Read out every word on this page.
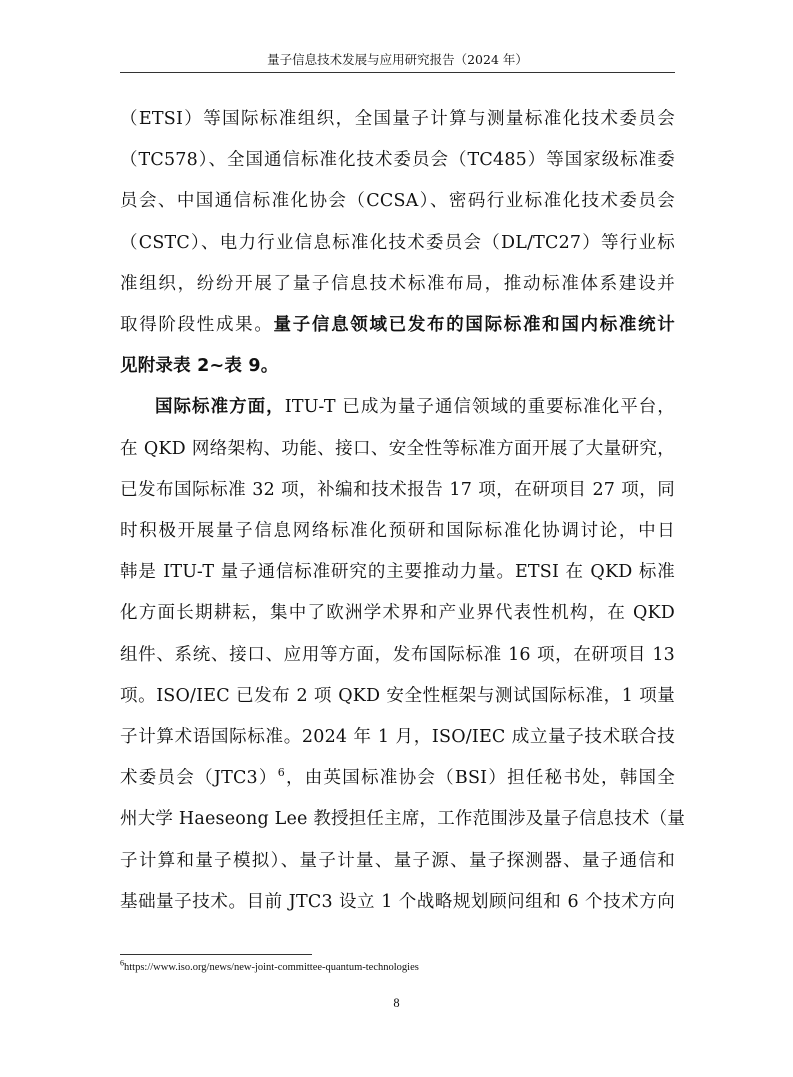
量子信息技术发展与应用研究报告（2024 年）

（ETSI）等国际标准组织，全国量子计算与测量标准化技术委员会
（TC578）、全国通信标准化技术委员会（TC485）等国家级标准委
员会、中国通信标准化协会（CCSA）、密码行业标准化技术委员会
（CSTC）、电力行业信息标准化技术委员会（DL/TC27）等行业标
准组织，纷纷开展了量子信息技术标准布局，推动标准体系建设并
取得阶段性成果。量子信息领域已发布的国际标准和国内标准统计
见附录表 2~表 9。

国际标准方面，ITU-T 已成为量子通信领域的重要标准化平台，
在 QKD 网络架构、功能、接口、安全性等标准方面开展了大量研究，
已发布国际标准 32 项，补编和技术报告 17 项，在研项目 27 项，同
时积极开展量子信息网络标准化预研和国际标准化协调讨论，中日
韩是 ITU-T 量子通信标准研究的主要推动力量。ETSI 在 QKD 标准
化方面长期耕耘，集中了欧洲学术界和产业界代表性机构，在 QKD
组件、系统、接口、应用等方面，发布国际标准 16 项，在研项目 13
项。ISO/IEC 已发布 2 项 QKD 安全性框架与测试国际标准，1 项量
子计算术语国际标准。2024 年 1 月，ISO/IEC 成立量子技术联合技
术委员会$(JTC3)^6$，由英国标准协会（BSI）担任秘书处，韩国全
州大学 Haeseong Lee 教授担任主席，工作范围涉及量子信息技术（量
子计算和量子模拟）、量子计量、量子源、量子探测器、量子通信和
基础量子技术。目前 JTC3 设立 1 个战略规划顾问组和 6 个技术方向

$^6$https://www.iso.org/news/new-joint-committee-quantum-technologies
8
